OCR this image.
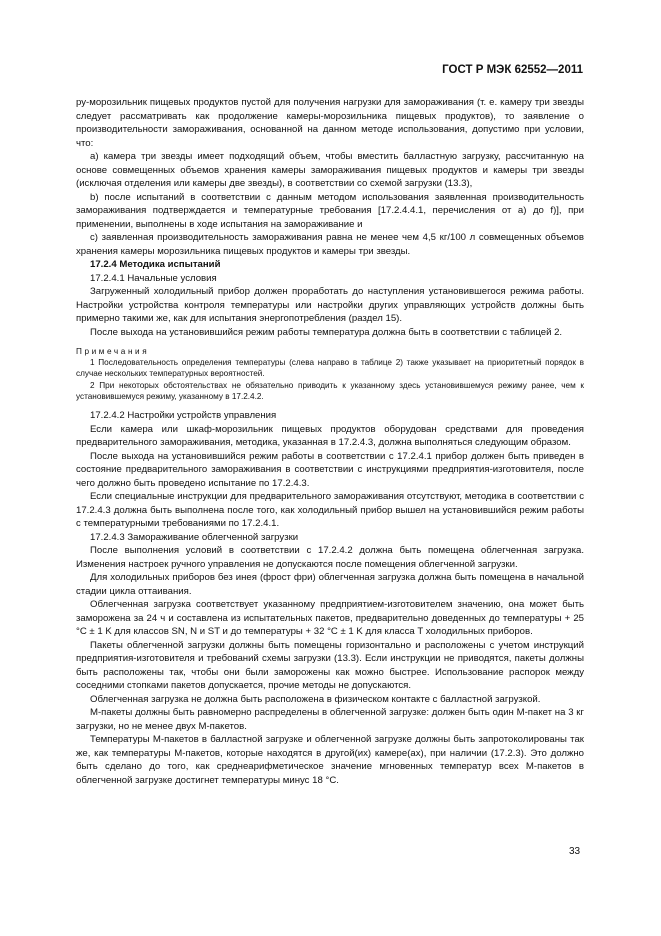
ГОСТ Р МЭК 62552—2011

ру-морозильник пищевых продуктов пустой для получения нагрузки для замораживания (т. е. камеру три звезды следует рассматривать как продолжение камеры-морозильника пищевых продуктов), то заявление о производительности замораживания, основанной на данном методе использования, допустимо при условии, что:

a) камера три звезды имеет подходящий объем, чтобы вместить балластную загрузку, рассчитанную на основе совмещенных объемов хранения камеры замораживания пищевых продуктов и камеры три звезды (исключая отделения или камеры две звезды), в соответствии со схемой загрузки (13.3),

b) после испытаний в соответствии с данным методом использования заявленная производительность замораживания подтверждается и температурные требования [17.2.4.4.1, перечисления от a) до f)], при применении, выполнены в ходе испытания на замораживание и

c) заявленная производительность замораживания равна не менее чем 4,5 кг/100 л совмещенных объемов хранения камеры морозильника пищевых продуктов и камеры три звезды.

17.2.4 Методика испытаний

17.2.4.1 Начальные условия

Загруженный холодильный прибор должен проработать до наступления установившегося режима работы. Настройки устройства контроля температуры или настройки других управляющих устройств должны быть примерно такими же, как для испытания энергопотребления (раздел 15).

После выхода на установившийся режим работы температура должна быть в соответствии с таблицей 2.

Примечания

1 Последовательность определения температуры (слева направо в таблице 2) также указывает на приоритетный порядок в случае нескольких температурных вероятностей.

2 При некоторых обстоятельствах не обязательно приводить к указанному здесь установившемуся режиму ранее, чем к установившемуся режиму, указанному в 17.2.4.2.

17.2.4.2 Настройки устройств управления

Если камера или шкаф-морозильник пищевых продуктов оборудован средствами для проведения предварительного замораживания, методика, указанная в 17.2.4.3, должна выполняться следующим образом.

После выхода на установившийся режим работы в соответствии с 17.2.4.1 прибор должен быть приведен в состояние предварительного замораживания в соответствии с инструкциями предприятия-изготовителя, после чего должно быть проведено испытание по 17.2.4.3.

Если специальные инструкции для предварительного замораживания отсутствуют, методика в соответствии с 17.2.4.3 должна быть выполнена после того, как холодильный прибор вышел на установившийся режим работы с температурными требованиями по 17.2.4.1.

17.2.4.3 Замораживание облегченной загрузки

После выполнения условий в соответствии с 17.2.4.2 должна быть помещена облегченная загрузка. Изменения настроек ручного управления не допускаются после помещения облегченной загрузки.

Для холодильных приборов без инея (фрост фри) облегченная загрузка должна быть помещена в начальной стадии цикла оттаивания.

Облегченная загрузка соответствует указанному предприятием-изготовителем значению, она может быть заморожена за 24 ч и составлена из испытательных пакетов, предварительно доведенных до температуры + 25 °C ± 1 K для классов SN, N и ST и до температуры + 32 °C ± 1 K для класса T холодильных приборов.

Пакеты облегченной загрузки должны быть помещены горизонтально и расположены с учетом инструкций предприятия-изготовителя и требований схемы загрузки (13.3). Если инструкции не приводятся, пакеты должны быть расположены так, чтобы они были заморожены как можно быстрее. Использование распорок между соседними стопками пакетов допускается, прочие методы не допускаются.

Облегченная загрузка не должна быть расположена в физическом контакте с балластной загрузкой.

М-пакеты должны быть равномерно распределены в облегченной загрузке: должен быть один М-пакет на 3 кг загрузки, но не менее двух М-пакетов.

Температуры М-пакетов в балластной загрузке и облегченной загрузке должны быть запротоколированы так же, как температуры М-пакетов, которые находятся в другой(их) камере(ах), при наличии (17.2.3). Это должно быть сделано до того, как среднеарифметическое значение мгновенных температур всех М-пакетов в облегченной загрузке достигнет температуры минус 18 °C.

33
